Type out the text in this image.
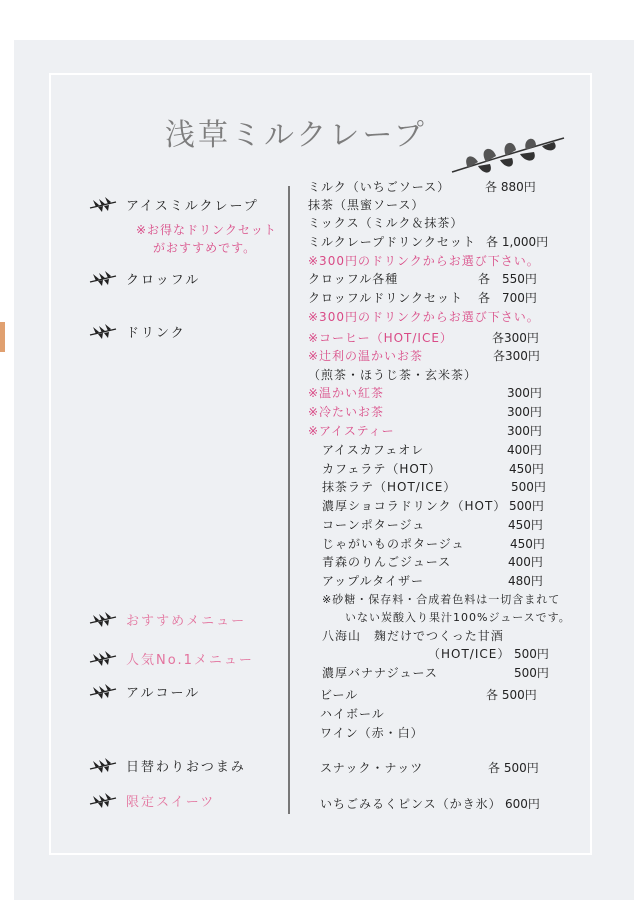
浅草ミルクレープ
アイスミルクレープ
※お得なドリンクセット
がおすすめです。
クロッフル
ドリンク
おすすめメニュー
人気No.1メニュー
アルコール
日替わりおつまみ
限定スイーツ
ミルク（いちごソース）	各 880円
抹茶（黒蜜ソース）
ミックス（ミルク＆抹茶）
ミルクレープドリンクセット 各 1,000円
※300円のドリンクからお選び下さい。
クロッフル各種	各　550円
クロッフルドリンクセット 各　700円
※300円のドリンクからお選び下さい。
※コーヒー（HOT/ICE）	各300円
※辻利の温かいお茶	各300円
（煎茶・ほうじ茶・玄米茶）
※温かい紅茶	300円
※冷たいお茶	300円
※アイスティー	300円
アイスカフェオレ	400円
カフェラテ（HOT）	450円
抹茶ラテ（HOT/ICE）	500円
濃厚ショコラドリンク（HOT） 500円
コーンポタージュ	450円
じゃがいものポタージュ	450円
青森のりんごジュース	400円
アップルタイザー	480円
※砂糖・保存料・合成着色料は一切含まれて
いない炭酸入り果汁100%ジュースです。
八海山　麹だけでつくった甘酒
（HOT/ICE） 500円
濃厚バナナジュース	500円
ビール	各 500円
ハイボール
ワイン（赤・白）
スナック・ナッツ	各 500円
いちごみるくピンス（かき氷） 600円
